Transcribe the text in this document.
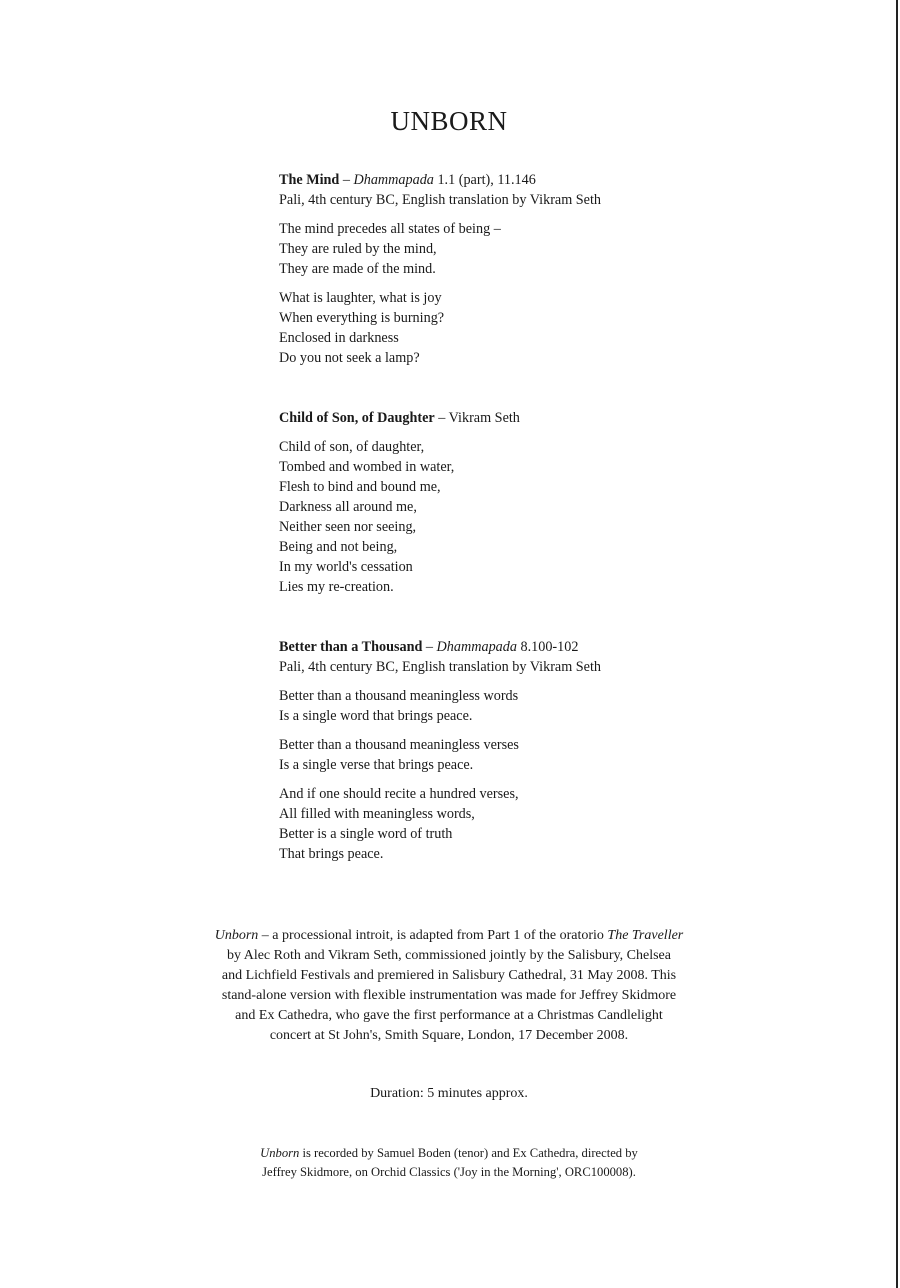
UNBORN

The Mind – Dhammapada 1.1 (part), 11.146

Pali, 4th century BC, English translation by Vikram Seth

The mind precedes all states of being –
They are ruled by the mind,
They are made of the mind.
What is laughter, what is joy
When everything is burning?
Enclosed in darkness
Do you not seek a lamp?

Child of Son, of Daughter – Vikram Seth

Child of son, of daughter,
Tombed and wombed in water,
Flesh to bind and bound me,
Darkness all around me,
Neither seen nor seeing,
Being and not being,
In my world's cessation
Lies my re-creation.

Better than a Thousand – Dhammapada 8.100-102

Pali, 4th century BC, English translation by Vikram Seth

Better than a thousand meaningless words
Is a single word that brings peace.
Better than a thousand meaningless verses
Is a single verse that brings peace.
And if one should recite a hundred verses,
All filled with meaningless words,
Better is a single word of truth
That brings peace.

Unborn – a processional introit, is adapted from Part 1 of the oratorio The Traveller

by Alec Roth and Vikram Seth, commissioned jointly by the Salisbury, Chelsea

and Lichfield Festivals and premiered in Salisbury Cathedral, 31 May 2008. This

stand-alone version with flexible instrumentation was made for Jeffrey Skidmore

and Ex Cathedra, who gave the first performance at a Christmas Candlelight

concert at St John's, Smith Square, London, 17 December 2008.

Duration: 5 minutes approx.

Unborn is recorded by Samuel Boden (tenor) and Ex Cathedra, directed by

Jeffrey Skidmore, on Orchid Classics ('Joy in the Morning', ORC100008).
